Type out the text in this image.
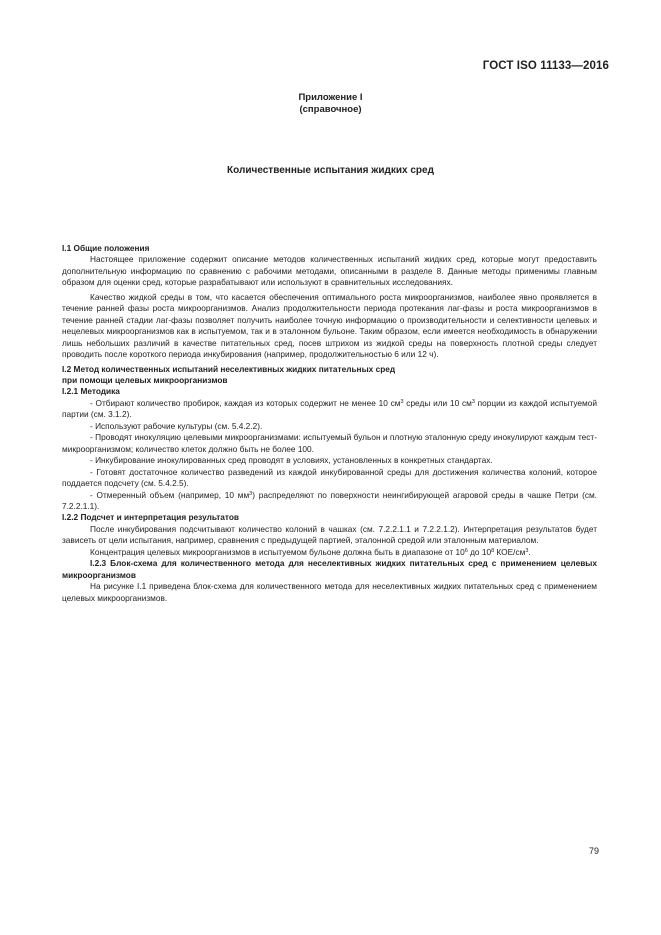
ГОСТ ISO 11133—2016
Приложение I
(справочное)
Количественные испытания жидких сред

I.1 Общие положения

Настоящее приложение содержит описание методов количественных испытаний жидких сред, которые могут предоставить дополнительную информацию по сравнению с рабочими методами, описанными в разделе 8. Данные методы применимы главным образом для оценки сред, которые разрабатывают или используют в сравнительных исследованиях.

Качество жидкой среды в том, что касается обеспечения оптимального роста микроорганизмов, наиболее явно проявляется в течение ранней фазы роста микроорганизмов. Анализ продолжительности периода протекания лаг-фазы и роста микроорганизмов в течение ранней стадии лаг-фазы позволяет получить наиболее точную информацию о производительности и селективности целевых и нецелевых микроорганизмов как в испытуемом, так и в эталонном бульоне. Таким образом, если имеется необходимость в обнаружении лишь небольших различий в качестве питательных сред, посев штрихом из жидкой среды на поверхность плотной среды следует проводить после короткого периода инкубирования (например, продолжительностью 6 или 12 ч).

I.2 Метод количественных испытаний неселективных жидких питательных сред
при помощи целевых микроорганизмов

I.2.1 Методика

- Отбирают количество пробирок, каждая из которых содержит не менее 10 $см^3$ среды или 10 $см^3$ порции из каждой испытуемой партии (см. 3.1.2).

- Используют рабочие культуры (см. 5.4.2.2).

- Проводят инокуляцию целевыми микроорганизмами: испытуемый бульон и плотную эталонную среду инокулируют каждым тест-микроорганизмом; количество клеток должно быть не более 100.

- Инкубирование инокулированных сред проводят в условиях, установленных в конкретных стандартах.

- Готовят достаточное количество разведений из каждой инкубированной среды для достижения количества колоний, которое поддается подсчету (см. 5.4.2.5).

- Отмеренный объем (например, 10 $мм^3$) распределяют по поверхности неингибирующей агаровой среды в чашке Петри (см. 7.2.2.1.1).

I.2.2 Подсчет и интерпретация результатов

После инкубирования подсчитывают количество колоний в чашках (см. 7.2.2.1.1 и 7.2.2.1.2). Интерпретация результатов будет зависеть от цели испытания, например, сравнения с предыдущей партией, эталонной средой или эталонным материалом.

Концентрация целевых микроорганизмов в испытуемом бульоне должна быть в диапазоне от $10^6$ до $10^8$ КОЕ/$см^3$.

I.2.3 Блок-схема для количественного метода для неселективных жидких питательных сред с применением целевых микроорганизмов

На рисунке I.1 приведена блок-схема для количественного метода для неселективных жидких питательных сред с применением целевых микроорганизмов.

79
